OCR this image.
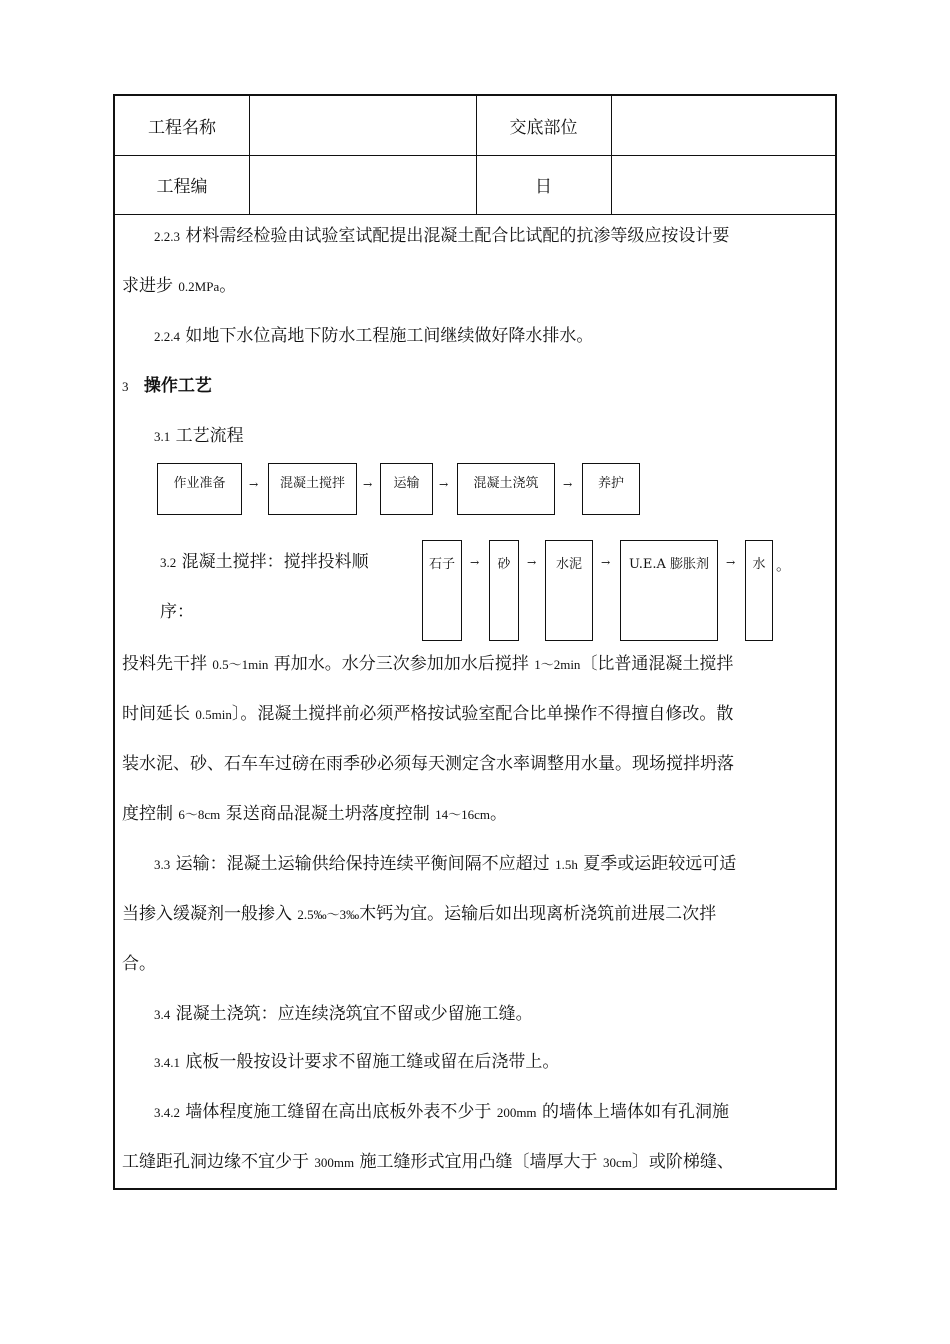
工程名称	交底部位
工程编	日
2.2.3 材料需经检验由试验室试配提出混凝土配合比试配的抗渗等级应按设计要
求进步 0.2MPa。
2.2.4 如地下水位高地下防水工程施工间继续做好降水排水。
3 操作工艺
3.1 工艺流程
作业准备	→	混凝土搅拌	→	运输	→	混凝土浇筑	→	养护
3.2 混凝土搅拌：搅拌投料顺
序：
石子	→	砂	→	水泥	→	U.E.A 膨胀剂	→	水 。
投料先干拌 0.5～1min 再加水。水分三次参加加水后搅拌 1～2min〔比普通混凝土搅拌
时间延长 0.5min〕。混凝土搅拌前必须严格按试验室配合比单操作不得擅自修改。散
装水泥、砂、石车车过磅在雨季砂必须每天测定含水率调整用水量。现场搅拌坍落
度控制 6～8cm 泵送商品混凝土坍落度控制 14～16cm。
3.3 运输：混凝土运输供给保持连续平衡间隔不应超过 1.5h 夏季或运距较远可适
当掺入缓凝剂一般掺入 2.5‰～3‰木钙为宜。运输后如出现离析浇筑前进展二次拌
合。
3.4 混凝土浇筑：应连续浇筑宜不留或少留施工缝。
3.4.1 底板一般按设计要求不留施工缝或留在后浇带上。
3.4.2 墙体程度施工缝留在高出底板外表不少于 200mm 的墙体上墙体如有孔洞施
工缝距孔洞边缘不宜少于 300mm 施工缝形式宜用凸缝〔墙厚大于 30cm〕或阶梯缝、
